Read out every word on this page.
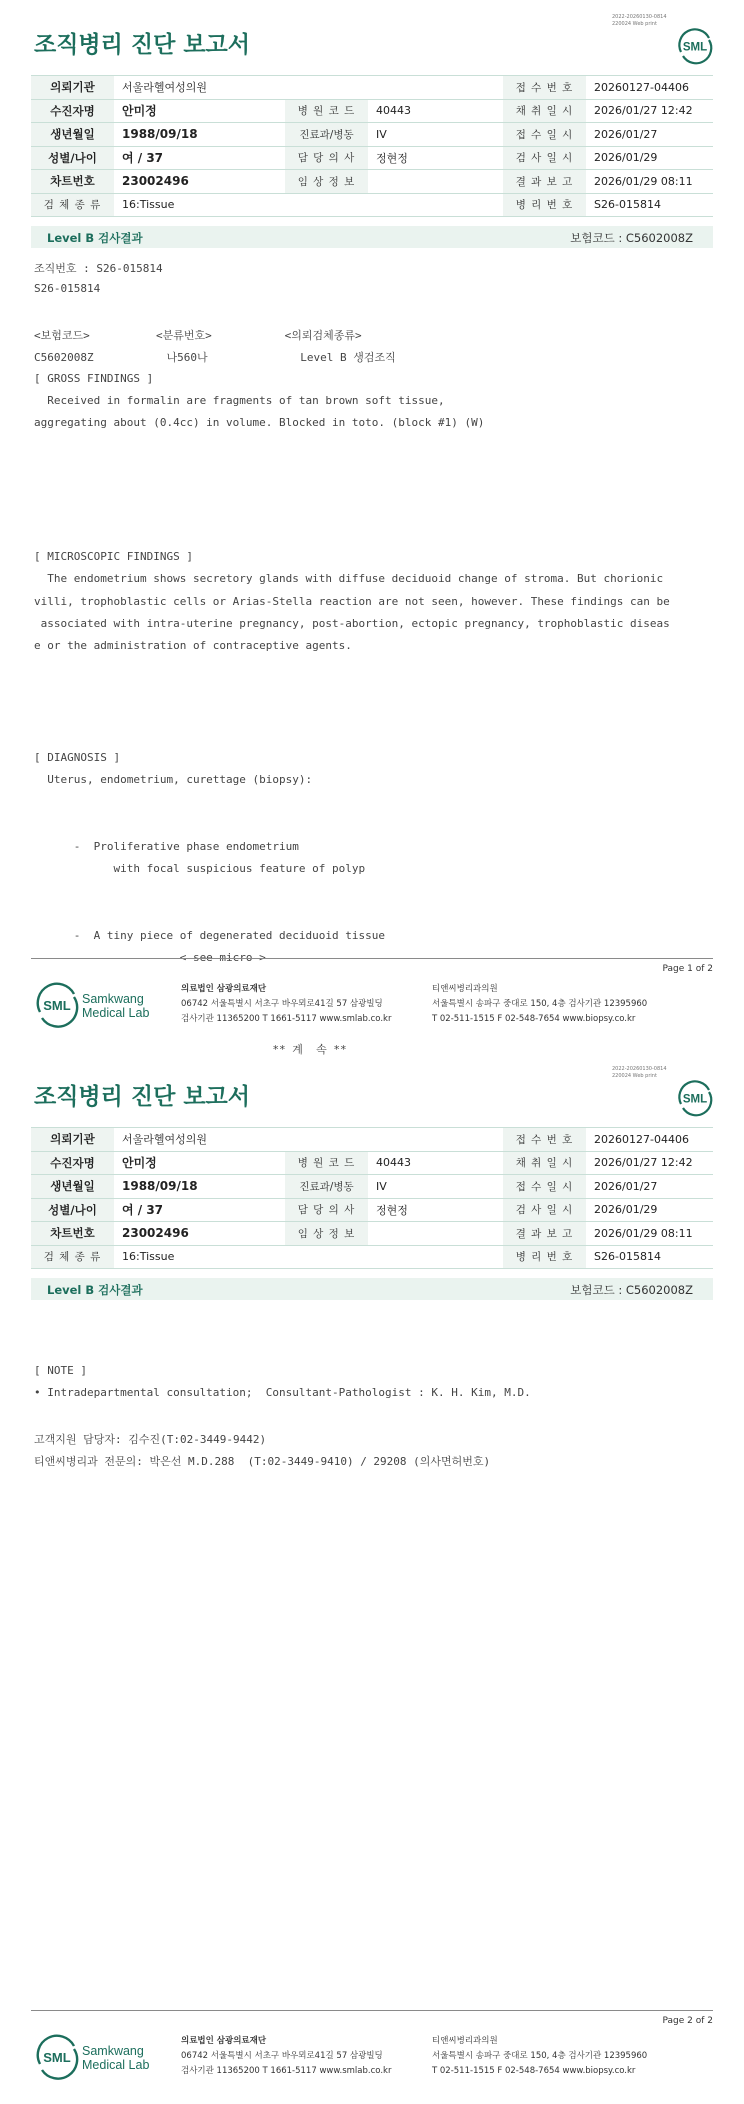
2022-20260130-0814
220024 Web print
조직병리 진단 보고서	SML
의뢰기관	서울라헬여성의원			접 수 번 호	20260127-04406
수진자명	안미정	병 원 코 드	40443	채 취 일 시	2026/01/27 12:42
생년월일	1988/09/18	진료과/병동	IV	접 수 일 시	2026/01/27
성별/나이	여 / 37	담 당 의 사	정현정	검 사 일 시	2026/01/29
차트번호	23002496	임 상 정 보		결 과 보 고	2026/01/29 08:11
검 체 종 류	16:Tissue			병 리 번 호	S26-015814
Level B 검사결과	보험코드 : C5602008Z
조직번호 : S26-015814
S26-015814
<보험코드>          <분류번호>           <의뢰검체종류>
C5602008Z           나560나              Level B 생검조직
[ GROSS FINDINGS ]
Received in formalin are fragments of tan brown soft tissue,
aggregating about (0.4cc) in volume. Blocked in toto. (block #1) (W)
[ MICROSCOPIC FINDINGS ]
The endometrium shows secretory glands with diffuse deciduoid change of stroma. But chorionic
villi, trophoblastic cells or Arias-Stella reaction are not seen, however. These findings can be
associated with intra-uterine pregnancy, post-abortion, ectopic pregnancy, trophoblastic diseas
e or the administration of contraceptive agents.
[ DIAGNOSIS ]
Uterus, endometrium, curettage (biopsy):
-  Proliferative phase endometrium
with focal suspicious feature of polyp
-  A tiny piece of degenerated deciduoid tissue
< see micro >
** 계  속 **
Page 1 of 2
SML Samkwang
Medical Lab
의료법인 삼광의료재단
06742 서울특별시 서초구 바우뫼로41길 57 삼광빌딩
검사기관 11365200 T 1661-5117 www.smlab.co.kr
티앤씨병리과의원
서울특별시 송파구 중대로 150, 4층 검사기관 12395960
T 02-511-1515 F 02-548-7654 www.biopsy.co.kr
2022-20260130-0814
220024 Web print
조직병리 진단 보고서	SML
의뢰기관	서울라헬여성의원			접 수 번 호	20260127-04406
수진자명	안미정	병 원 코 드	40443	채 취 일 시	2026/01/27 12:42
생년월일	1988/09/18	진료과/병동	IV	접 수 일 시	2026/01/27
성별/나이	여 / 37	담 당 의 사	정현정	검 사 일 시	2026/01/29
차트번호	23002496	임 상 정 보		결 과 보 고	2026/01/29 08:11
검 체 종 류	16:Tissue			병 리 번 호	S26-015814
Level B 검사결과	보험코드 : C5602008Z
[ NOTE ]
• Intradepartmental consultation;  Consultant-Pathologist : K. H. Kim, M.D.
고객지원 담당자: 김수진(T:02-3449-9442)
티앤씨병리과 전문의: 박은선 M.D.288  (T:02-3449-9410) / 29208 (의사면허번호)
Page 2 of 2
SML Samkwang
Medical Lab
의료법인 삼광의료재단
06742 서울특별시 서초구 바우뫼로41길 57 삼광빌딩
검사기관 11365200 T 1661-5117 www.smlab.co.kr
티앤씨병리과의원
서울특별시 송파구 중대로 150, 4층 검사기관 12395960
T 02-511-1515 F 02-548-7654 www.biopsy.co.kr
